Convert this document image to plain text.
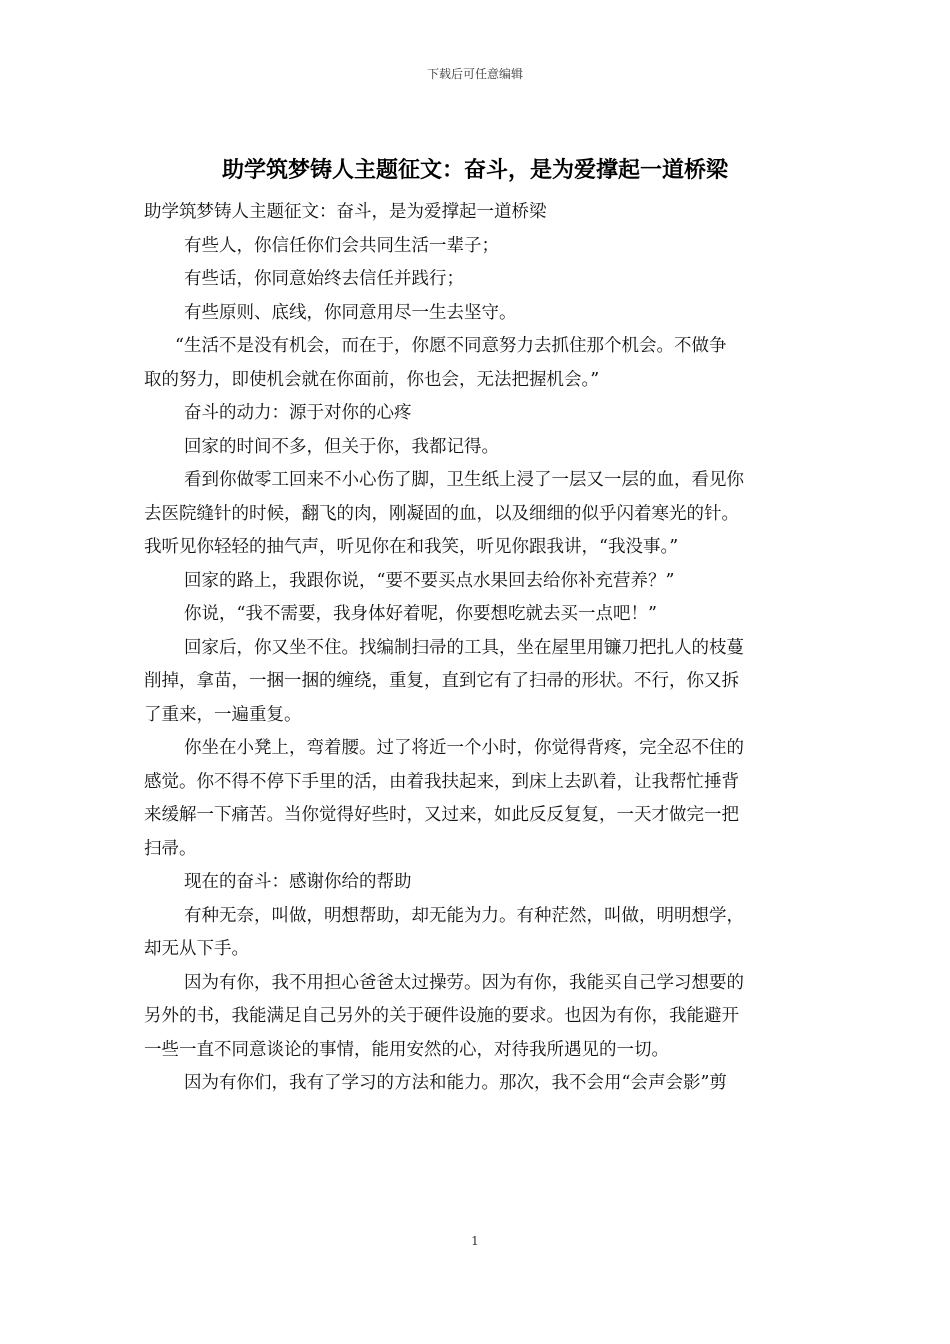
下载后可任意编辑
助学筑梦铸人主题征文：奋斗，是为爱撑起一道桥梁
助学筑梦铸人主题征文：奋斗，是为爱撑起一道桥梁
有些人，你信任你们会共同生活一辈子；
有些话，你同意始终去信任并践行；
有些原则、底线，你同意用尽一生去坚守。
“生活不是没有机会，而在于，你愿不同意努力去抓住那个机会。不做争
取的努力，即使机会就在你面前，你也会，无法把握机会。”
奋斗的动力：源于对你的心疼
回家的时间不多，但关于你，我都记得。
看到你做零工回来不小心伤了脚，卫生纸上浸了一层又一层的血，看见你
去医院缝针的时候，翻飞的肉，刚凝固的血，以及细细的似乎闪着寒光的针。
我听见你轻轻的抽气声，听见你在和我笑，听见你跟我讲，“我没事。”
回家的路上，我跟你说，“要不要买点水果回去给你补充营养？”
你说，“我不需要，我身体好着呢，你要想吃就去买一点吧！”
回家后，你又坐不住。找编制扫帚的工具，坐在屋里用镰刀把扎人的枝蔓
削掉，拿苗，一捆一捆的缠绕，重复，直到它有了扫帚的形状。不行，你又拆
了重来，一遍重复。
你坐在小凳上，弯着腰。过了将近一个小时，你觉得背疼，完全忍不住的
感觉。你不得不停下手里的活，由着我扶起来，到床上去趴着，让我帮忙捶背
来缓解一下痛苦。当你觉得好些时，又过来，如此反反复复，一天才做完一把
扫帚。
现在的奋斗：感谢你给的帮助
有种无奈，叫做，明想帮助，却无能为力。有种茫然，叫做，明明想学，
却无从下手。
因为有你，我不用担心爸爸太过操劳。因为有你，我能买自己学习想要的
另外的书，我能满足自己另外的关于硬件设施的要求。也因为有你，我能避开
一些一直不同意谈论的事情，能用安然的心，对待我所遇见的一切。
因为有你们，我有了学习的方法和能力。那次，我不会用“会声会影”剪
1
